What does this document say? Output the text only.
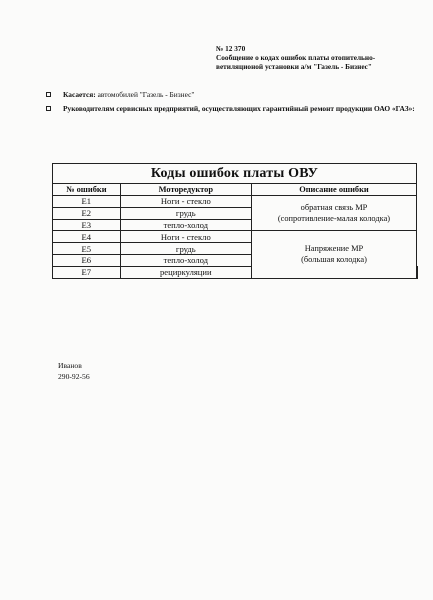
№ 12 370
Сообщение о кодах ошибок платы отопительно-ветиляционой установки а/м "Газель - Бизнес"
Касается: автомобилей "Газель - Бизнес"
Руководителям сервисных предприятий, осуществляющих гарантийный ремонт продукции ОАО «ГАЗ»:
Коды ошибок платы ОВУ			
№ ошибки	Моторедуктор	Описание ошибки	
E1	Ноги - стекло	обратная связь МР
(сопротивление-малая колодка)	
E2	грудь		
E3	тепло-холод		
E4	Ноги - стекло	Напряжение МР
(большая колодка)	
E5	грудь		
E6	тепло-холод		
E7	рециркуляции		
Иванов
290-92-56
